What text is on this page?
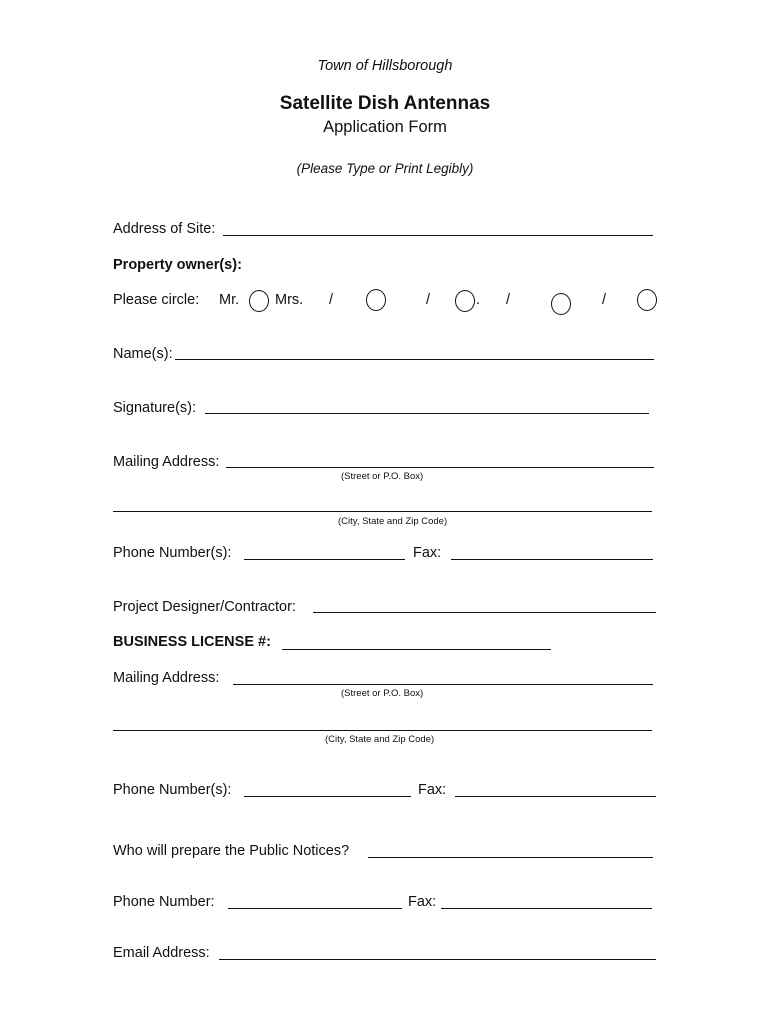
Town of Hillsborough
Satellite Dish Antennas
Application Form
(Please Type or Print Legibly)
Address of Site:
Property owner(s):
Please circle: Mr. Mrs. /	/	. /	/
Name(s):
Signature(s):
Mailing Address:
(Street or P.O. Box)
(City, State and Zip Code)
Phone Number(s):	Fax:
Project Designer/Contractor:
BUSINESS LICENSE #:
Mailing Address:
(Street or P.O. Box)
(City, State and Zip Code)
Phone Number(s):	Fax:
Who will prepare the Public Notices?
Phone Number:	Fax:
Email Address:
